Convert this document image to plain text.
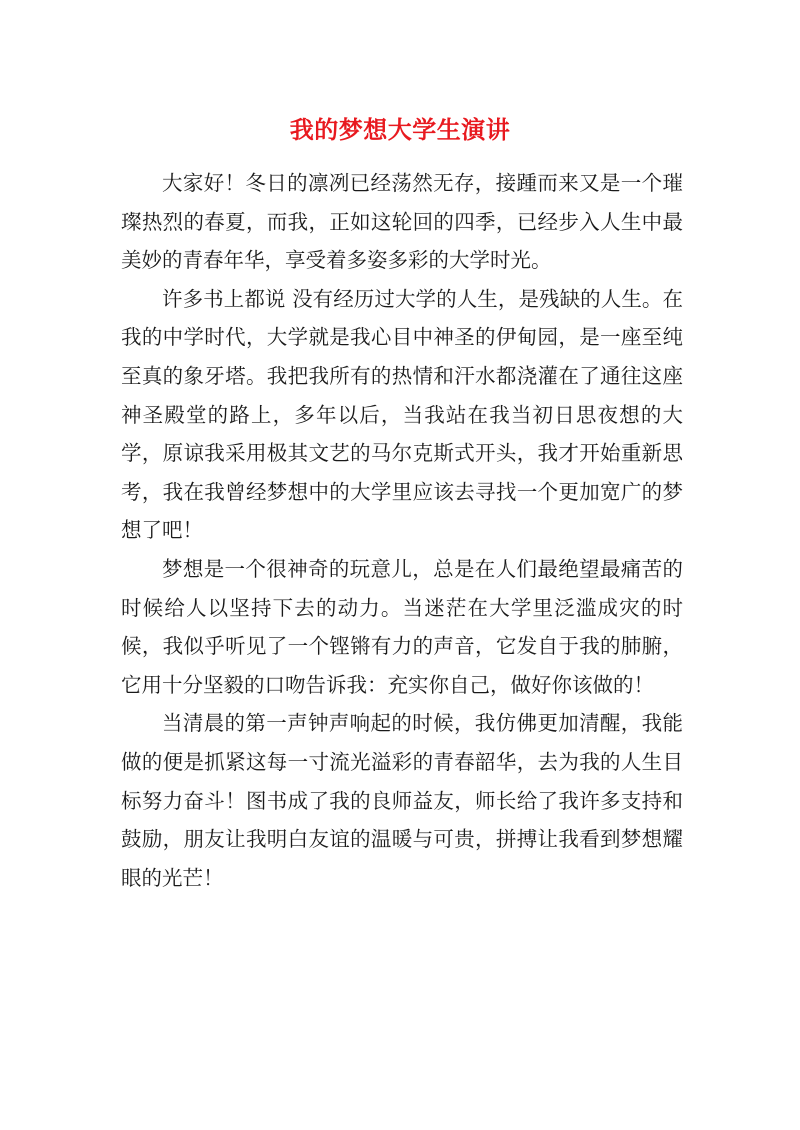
我的梦想大学生演讲

大家好！冬日的凛冽已经荡然无存，接踵而来又是一个璀璨热烈的春夏，而我，正如这轮回的四季，已经步入人生中最美妙的青春年华，享受着多姿多彩的大学时光。

许多书上都说 没有经历过大学的人生，是残缺的人生。在我的中学时代，大学就是我心目中神圣的伊甸园，是一座至纯至真的象牙塔。我把我所有的热情和汗水都浇灌在了通往这座神圣殿堂的路上，多年以后，当我站在我当初日思夜想的大学，原谅我采用极其文艺的马尔克斯式开头，我才开始重新思考，我在我曾经梦想中的大学里应该去寻找一个更加宽广的梦想了吧！

梦想是一个很神奇的玩意儿，总是在人们最绝望最痛苦的时候给人以坚持下去的动力。当迷茫在大学里泛滥成灾的时候，我似乎听见了一个铿锵有力的声音，它发自于我的肺腑，它用十分坚毅的口吻告诉我：充实你自己，做好你该做的！

当清晨的第一声钟声响起的时候，我仿佛更加清醒，我能做的便是抓紧这每一寸流光溢彩的青春韶华，去为我的人生目标努力奋斗！图书成了我的良师益友，师长给了我许多支持和鼓励，朋友让我明白友谊的温暖与可贵，拼搏让我看到梦想耀眼的光芒！
